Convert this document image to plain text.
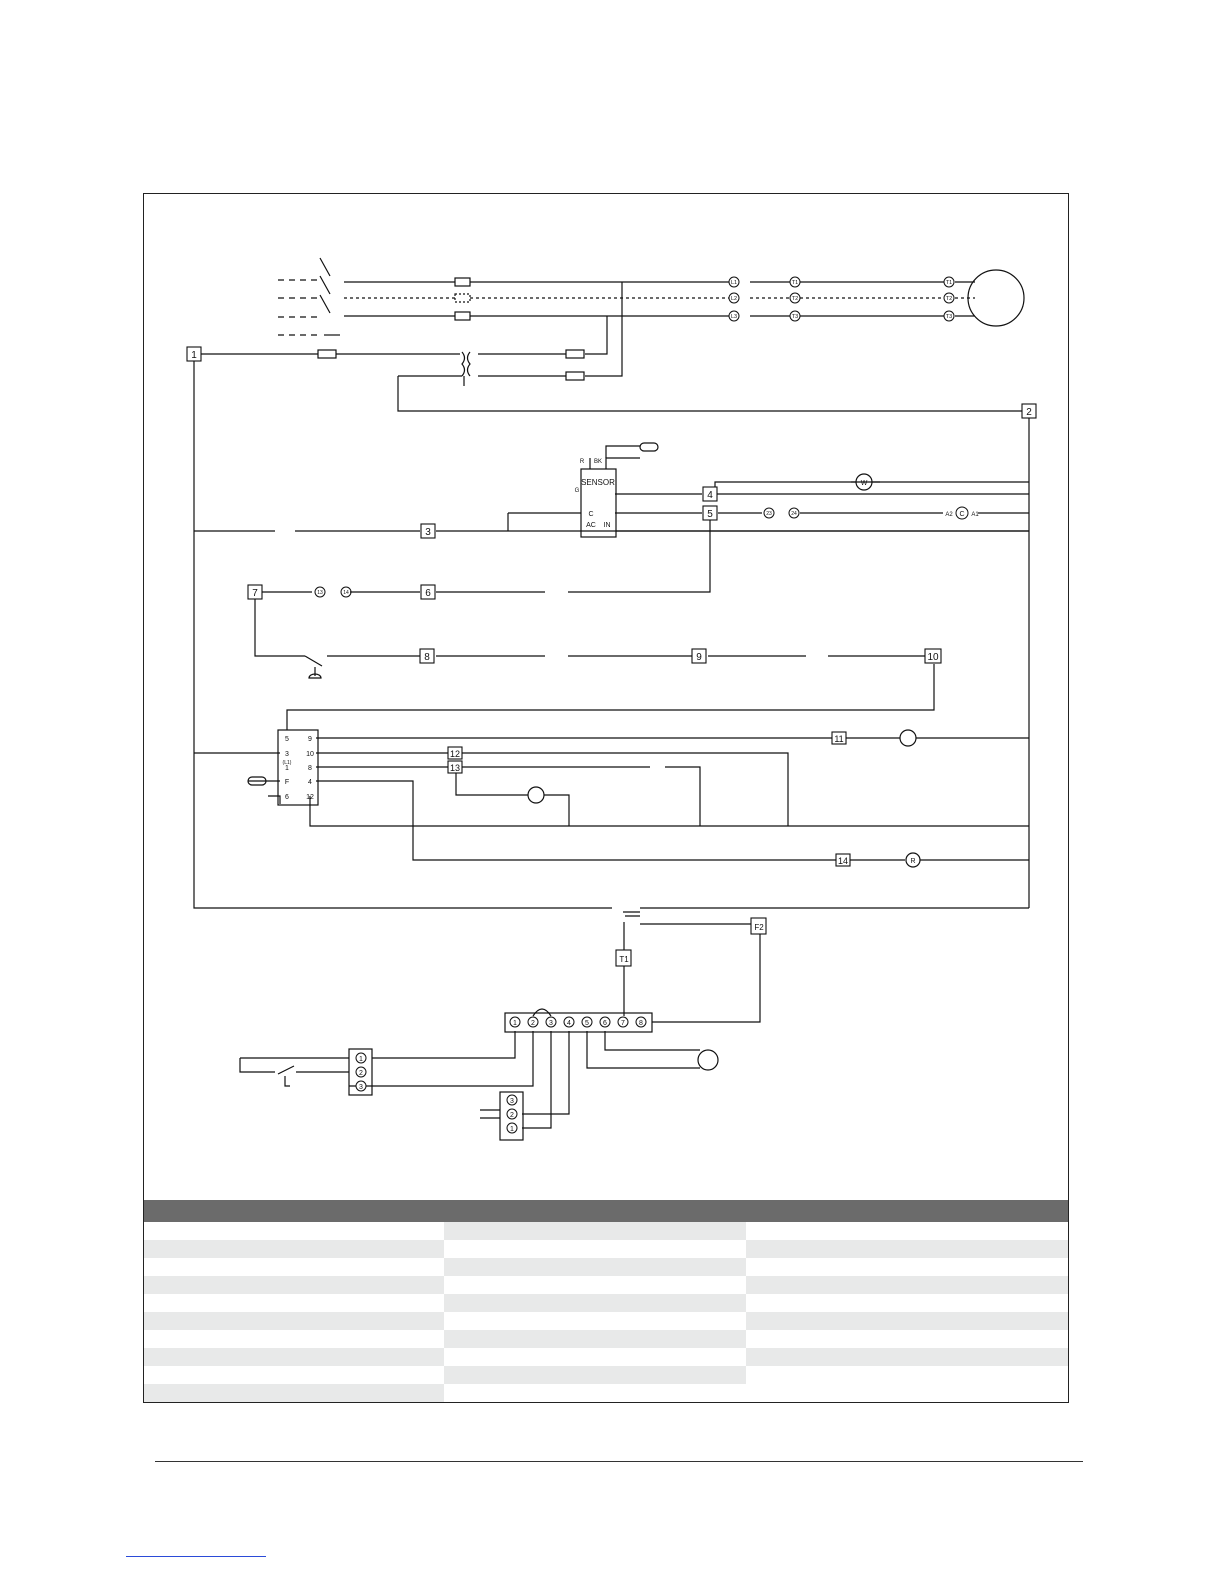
1
2
3
4
5
6
7
8	9	10
11
12
13
14
L1
L2
L3
T1
T2
T3
T1
T2
T3
R BK
SENSOR
G
C
AC IN
W
R
A2 C A1
23	24
13	14
5
3
(L1)
1
F
6
9
10
8
4
12
T1
F2
1 2 3 4 5 6 7 8
1
2
3
3
2
1
